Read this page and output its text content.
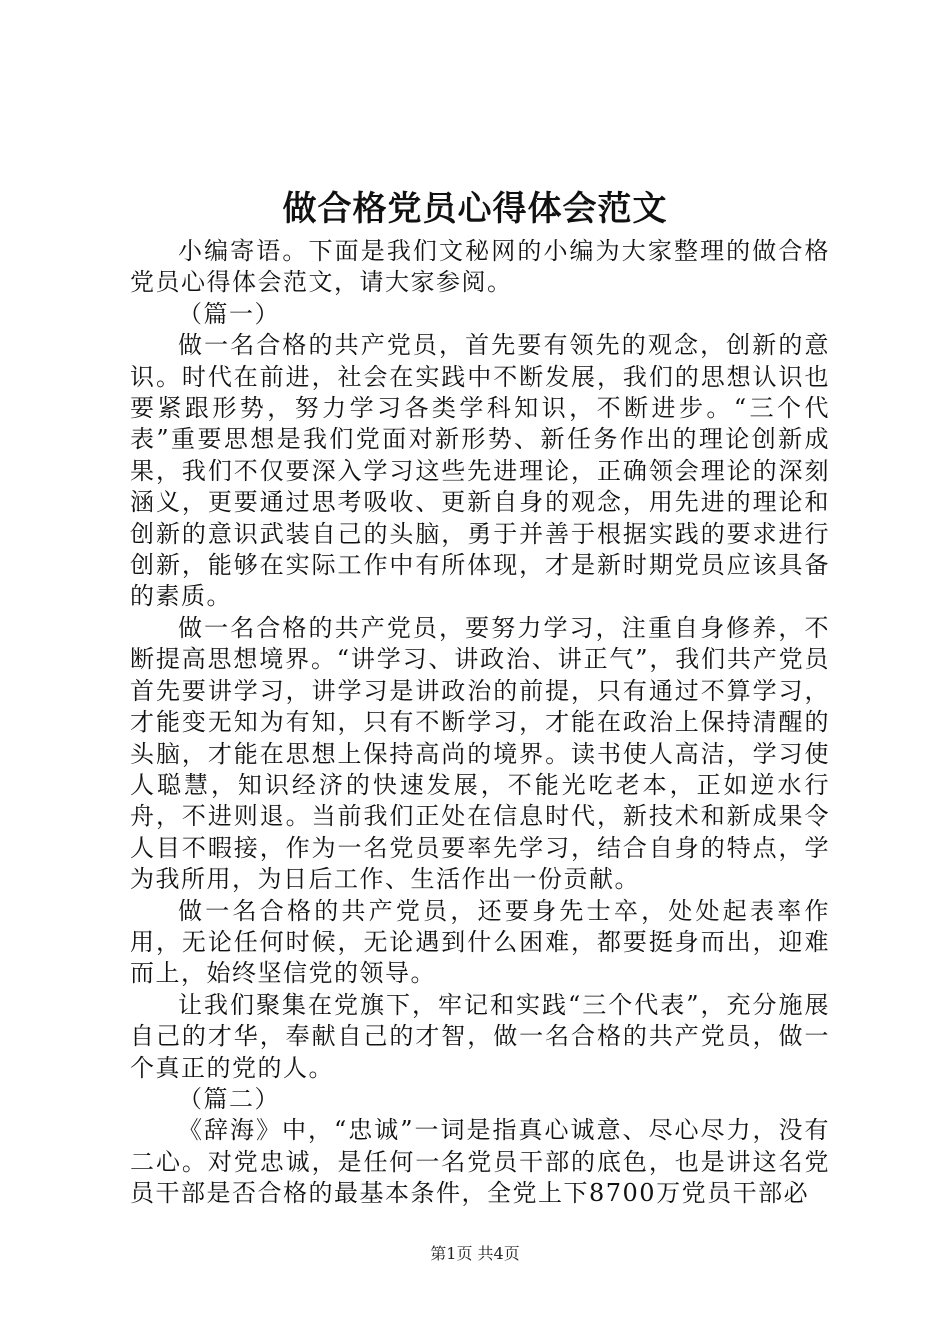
做合格党员心得体会范文

小编寄语。下面是我们文秘网的小编为大家整理的做合格党员心得体会范文，请大家参阅。

（篇一）

做一名合格的共产党员，首先要有领先的观念，创新的意识。时代在前进，社会在实践中不断发展，我们的思想认识也要紧跟形势，努力学习各类学科知识，不断进步。“三个代表”重要思想是我们党面对新形势、新任务作出的理论创新成果，我们不仅要深入学习这些先进理论，正确领会理论的深刻涵义，更要通过思考吸收、更新自身的观念，用先进的理论和创新的意识武装自己的头脑，勇于并善于根据实践的要求进行创新，能够在实际工作中有所体现，才是新时期党员应该具备的素质。

做一名合格的共产党员，要努力学习，注重自身修养，不断提高思想境界。“讲学习、讲政治、讲正气”，我们共产党员首先要讲学习，讲学习是讲政治的前提，只有通过不算学习，才能变无知为有知，只有不断学习，才能在政治上保持清醒的头脑，才能在思想上保持高尚的境界。读书使人高洁，学习使人聪慧，知识经济的快速发展，不能光吃老本，正如逆水行舟，不进则退。当前我们正处在信息时代，新技术和新成果令人目不暇接，作为一名党员要率先学习，结合自身的特点，学为我所用，为日后工作、生活作出一份贡献。

做一名合格的共产党员，还要身先士卒，处处起表率作用，无论任何时候，无论遇到什么困难，都要挺身而出，迎难而上，始终坚信党的领导。

让我们聚集在党旗下，牢记和实践“三个代表”，充分施展自己的才华，奉献自己的才智，做一名合格的共产党员，做一个真正的党的人。

（篇二）

《辞海》中，“忠诚”一词是指真心诚意、尽心尽力，没有二心。对党忠诚，是任何一名党员干部的底色，也是讲这名党员干部是否合格的最基本条件，全党上下8700万党员干部必

第1页 共4页
